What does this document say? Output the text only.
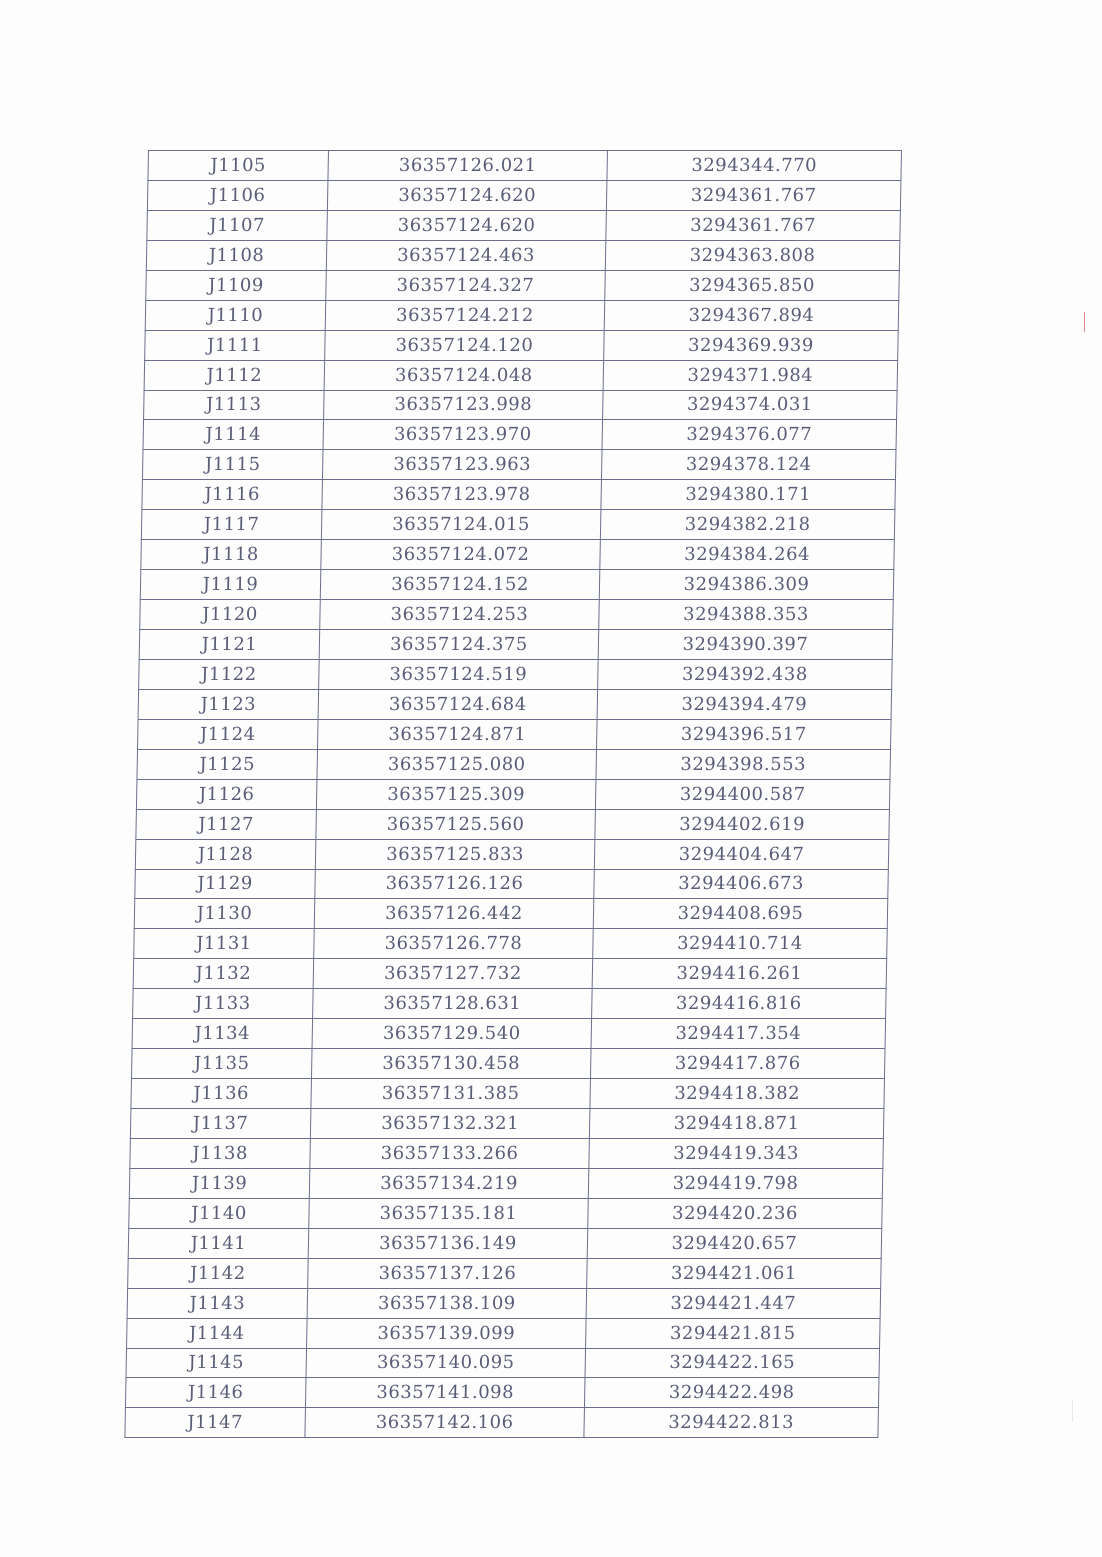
J1105	36357126.021	3294344.770
J1106	36357124.620	3294361.767
J1107	36357124.620	3294361.767
J1108	36357124.463	3294363.808
J1109	36357124.327	3294365.850
J1110	36357124.212	3294367.894
J1111	36357124.120	3294369.939
J1112	36357124.048	3294371.984
J1113	36357123.998	3294374.031
J1114	36357123.970	3294376.077
J1115	36357123.963	3294378.124
J1116	36357123.978	3294380.171
J1117	36357124.015	3294382.218
J1118	36357124.072	3294384.264
J1119	36357124.152	3294386.309
J1120	36357124.253	3294388.353
J1121	36357124.375	3294390.397
J1122	36357124.519	3294392.438
J1123	36357124.684	3294394.479
J1124	36357124.871	3294396.517
J1125	36357125.080	3294398.553
J1126	36357125.309	3294400.587
J1127	36357125.560	3294402.619
J1128	36357125.833	3294404.647
J1129	36357126.126	3294406.673
J1130	36357126.442	3294408.695
J1131	36357126.778	3294410.714
J1132	36357127.732	3294416.261
J1133	36357128.631	3294416.816
J1134	36357129.540	3294417.354
J1135	36357130.458	3294417.876
J1136	36357131.385	3294418.382
J1137	36357132.321	3294418.871
J1138	36357133.266	3294419.343
J1139	36357134.219	3294419.798
J1140	36357135.181	3294420.236
J1141	36357136.149	3294420.657
J1142	36357137.126	3294421.061
J1143	36357138.109	3294421.447
J1144	36357139.099	3294421.815
J1145	36357140.095	3294422.165
J1146	36357141.098	3294422.498
J1147	36357142.106	3294422.813
